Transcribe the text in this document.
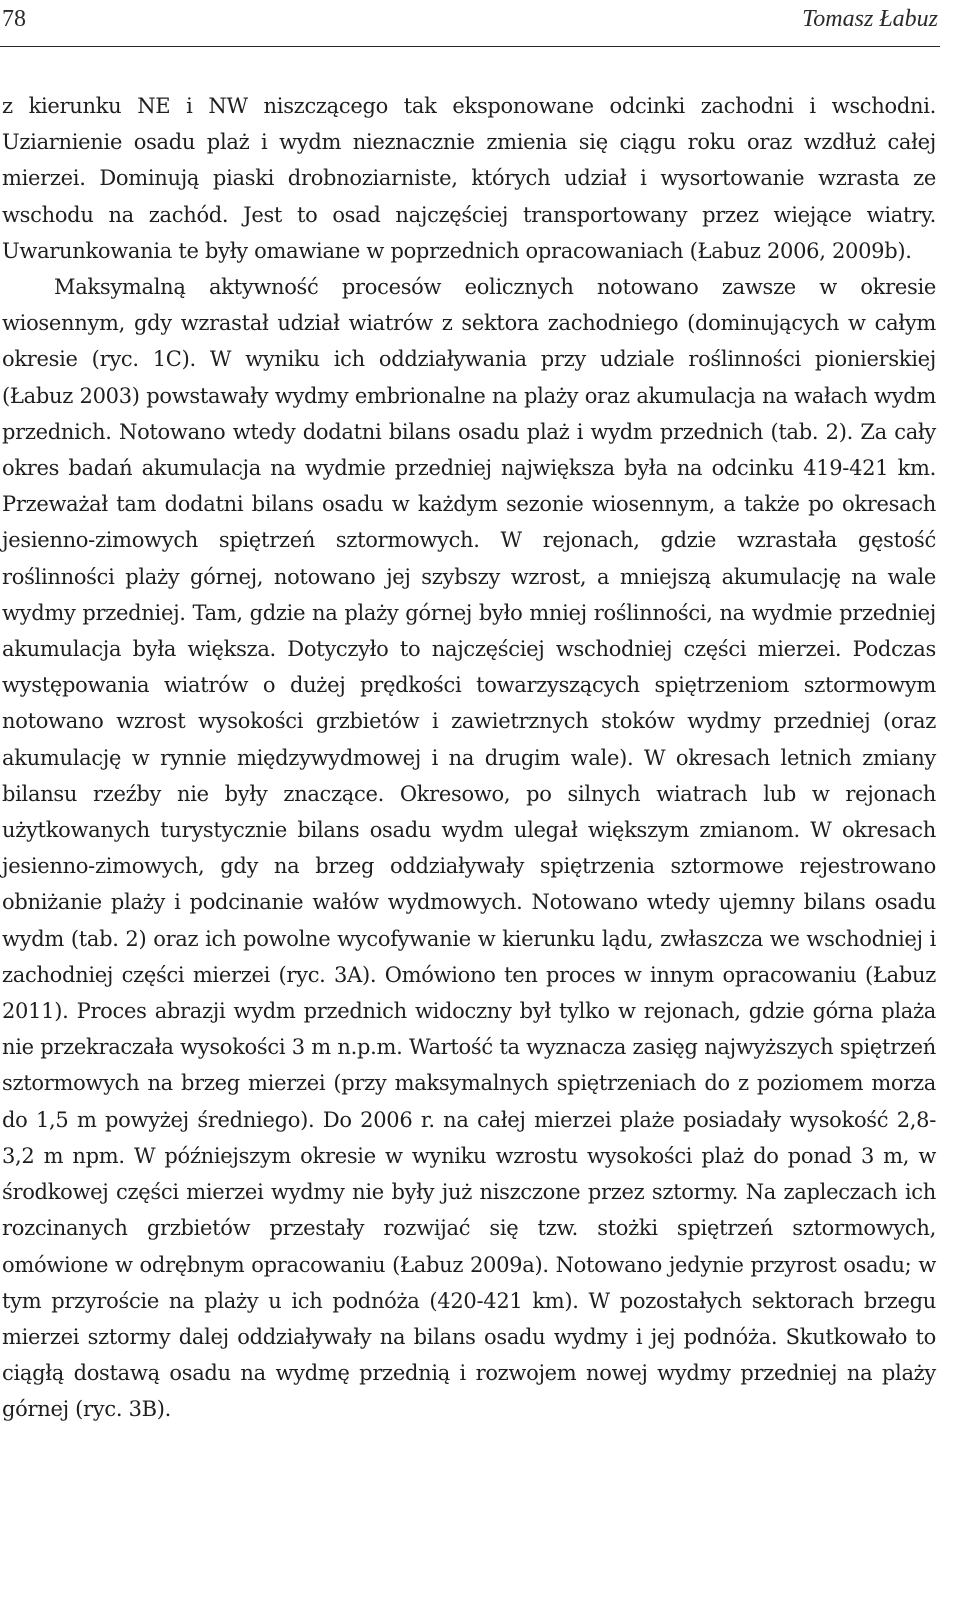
78	Tomasz Łabuz

z kierunku NE i NW niszczącego tak eksponowane odcinki zachodni i wschodni. Uziarnienie osadu plaż i wydm nieznacznie zmienia się ciągu roku oraz wzdłuż całej mierzei. Dominują piaski drobnoziarniste, których udział i wysortowanie wzrasta ze wschodu na zachód. Jest to osad najczęściej transportowany przez wiejące wiatry. Uwarunkowania te były omawiane w poprzednich opracowaniach (Łabuz 2006, 2009b).

Maksymalną aktywność procesów eolicznych notowano zawsze w okresie wiosennym, gdy wzrastał udział wiatrów z sektora zachodniego (dominujących w całym okresie (ryc. 1C). W wyniku ich oddziaływania przy udziale roślinności pionierskiej (Łabuz 2003) powstawały wydmy embrionalne na plaży oraz akumulacja na wałach wydm przednich. Notowano wtedy dodatni bilans osadu plaż i wydm przednich (tab. 2). Za cały okres badań akumulacja na wydmie przedniej największa była na odcinku 419-421 km. Przeważał tam dodatni bilans osadu w każdym sezonie wiosennym, a także po okresach jesienno-zimowych spiętrzeń sztormowych. W rejonach, gdzie wzrastała gęstość roślinności plaży górnej, notowano jej szybszy wzrost, a mniejszą akumulację na wale wydmy przedniej. Tam, gdzie na plaży górnej było mniej roślinności, na wydmie przedniej akumulacja była większa. Dotyczyło to najczęściej wschodniej części mierzei. Podczas występowania wiatrów o dużej prędkości towarzyszących spiętrzeniom sztormowym notowano wzrost wysokości grzbietów i zawietrznych stoków wydmy przedniej (oraz akumulację w rynnie międzywydmowej i na drugim wale). W okresach letnich zmiany bilansu rzeźby nie były znaczące. Okresowo, po silnych wiatrach lub w rejonach użytkowanych turystycznie bilans osadu wydm ulegał większym zmianom. W okresach jesienno-zimowych, gdy na brzeg oddziaływały spiętrzenia sztormowe rejestrowano obniżanie plaży i podcinanie wałów wydmowych. Notowano wtedy ujemny bilans osadu wydm (tab. 2) oraz ich powolne wycofywanie w kierunku lądu, zwłaszcza we wschodniej i zachodniej części mierzei (ryc. 3A). Omówiono ten proces w innym opracowaniu (Łabuz 2011). Proces abrazji wydm przednich widoczny był tylko w rejonach, gdzie górna plaża nie przekraczała wysokości 3 m n.p.m. Wartość ta wyznacza zasięg najwyższych spiętrzeń sztormowych na brzeg mierzei (przy maksymalnych spiętrzeniach do z poziomem morza do 1,5 m powyżej średniego). Do 2006 r. na całej mierzei plaże posiadały wysokość 2,8-3,2 m npm. W późniejszym okresie w wyniku wzrostu wysokości plaż do ponad 3 m, w środkowej części mierzei wydmy nie były już niszczone przez sztormy. Na zapleczach ich rozcinanych grzbietów przestały rozwijać się tzw. stożki spiętrzeń sztormowych, omówione w odrębnym opracowaniu (Łabuz 2009a). Notowano jedynie przyrost osadu; w tym przyroście na plaży u ich podnóża (420-421 km). W pozostałych sektorach brzegu mierzei sztormy dalej oddziaływały na bilans osadu wydmy i jej podnóża. Skutkowało to ciągłą dostawą osadu na wydmę przednią i rozwojem nowej wydmy przedniej na plaży górnej (ryc. 3B).
